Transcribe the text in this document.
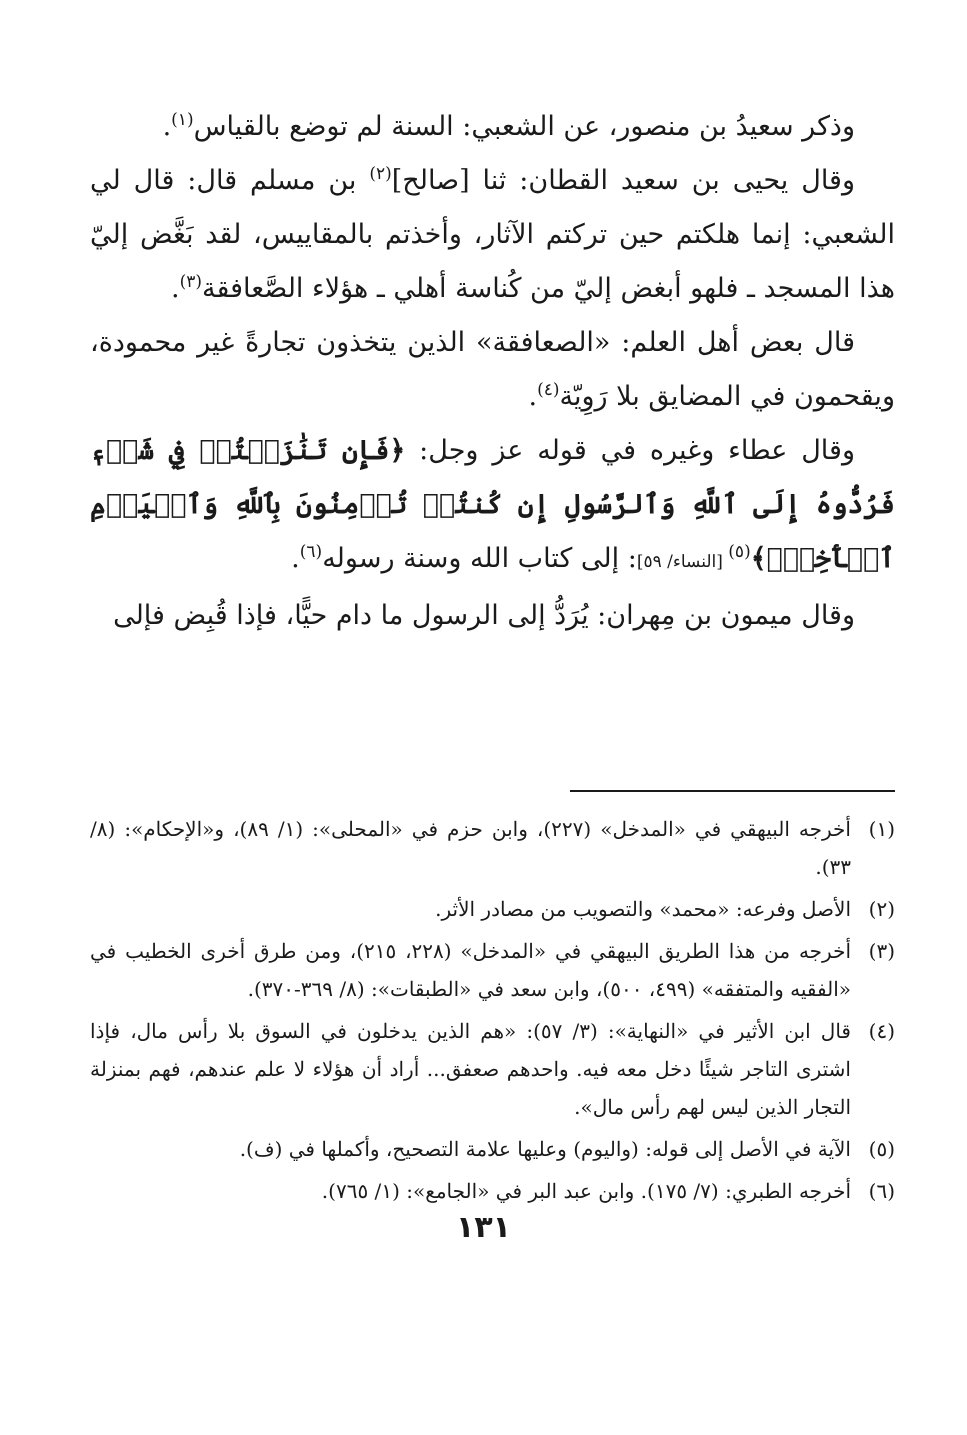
وذكر سعيدُ بن منصور، عن الشعبي: السنة لم توضع بالقياس$^{(١)}$.

وقال يحيى بن سعيد القطان: ثنا [صالح]$^{(٢)}$ بن مسلم قال: قال لي الشعبي: إنما هلكتم حين تركتم الآثار، وأخذتم بالمقاييس، لقد بَغَّض إليّ هذا المسجد ـ فلهو أبغض إليّ من كُناسة أهلي ـ هؤلاء الصَّعافقة$^{(٣)}$.

قال بعض أهل العلم: «الصعافقة» الذين يتخذون تجارةً غير محمودة، ويقحمون في المضايق بلا رَوِيّة$^{(٤)}$.

وقال عطاء وغيره في قوله عز وجل: ﴿فَإِن تَنَٰزَعۡتُمۡ فِي شَيۡءٖ فَرُدُّوهُ إِلَى ٱللَّهِ وَٱلرَّسُولِ إِن كُنتُمۡ تُؤۡمِنُونَ بِٱللَّهِ وَٱلۡيَوۡمِ ٱلۡأٓخِرِۚ﴾$^{(٥)}$ [النساء/ ٥٩]: إلى كتاب الله وسنة رسوله$^{(٦)}$.

وقال ميمون بن مِهران: يُرَدُّ إلى الرسول ما دام حيًّا، فإذا قُبِض فإلى

(١)
أخرجه البيهقي في «المدخل» (٢٢٧)، وابن حزم في «المحلى»: (١/ ٨٩)، و«الإحكام»: (٨/ ٣٣).
(٢)
الأصل وفرعه: «محمد» والتصويب من مصادر الأثر.
(٣)
أخرجه من هذا الطريق البيهقي في «المدخل» (٢٢٨، ٢١٥)، ومن طرق أخرى الخطيب في «الفقيه والمتفقه» (٤٩٩، ٥٠٠)، وابن سعد في «الطبقات»: (٨/ ٣٦٩-٣٧٠).
(٤)
قال ابن الأثير في «النهاية»: (٣/ ٥٧): «هم الذين يدخلون في السوق بلا رأس مال، فإذا اشترى التاجر شيئًا دخل معه فيه. واحدهم صعفق... أراد أن هؤلاء لا علم عندهم، فهم بمنزلة التجار الذين ليس لهم رأس مال».
(٥)
الآية في الأصل إلى قوله: (واليوم) وعليها علامة التصحيح، وأكملها في (ف).
(٦)
أخرجه الطبري: (٧/ ١٧٥). وابن عبد البر في «الجامع»: (١/ ٧٦٥).
١٣١
